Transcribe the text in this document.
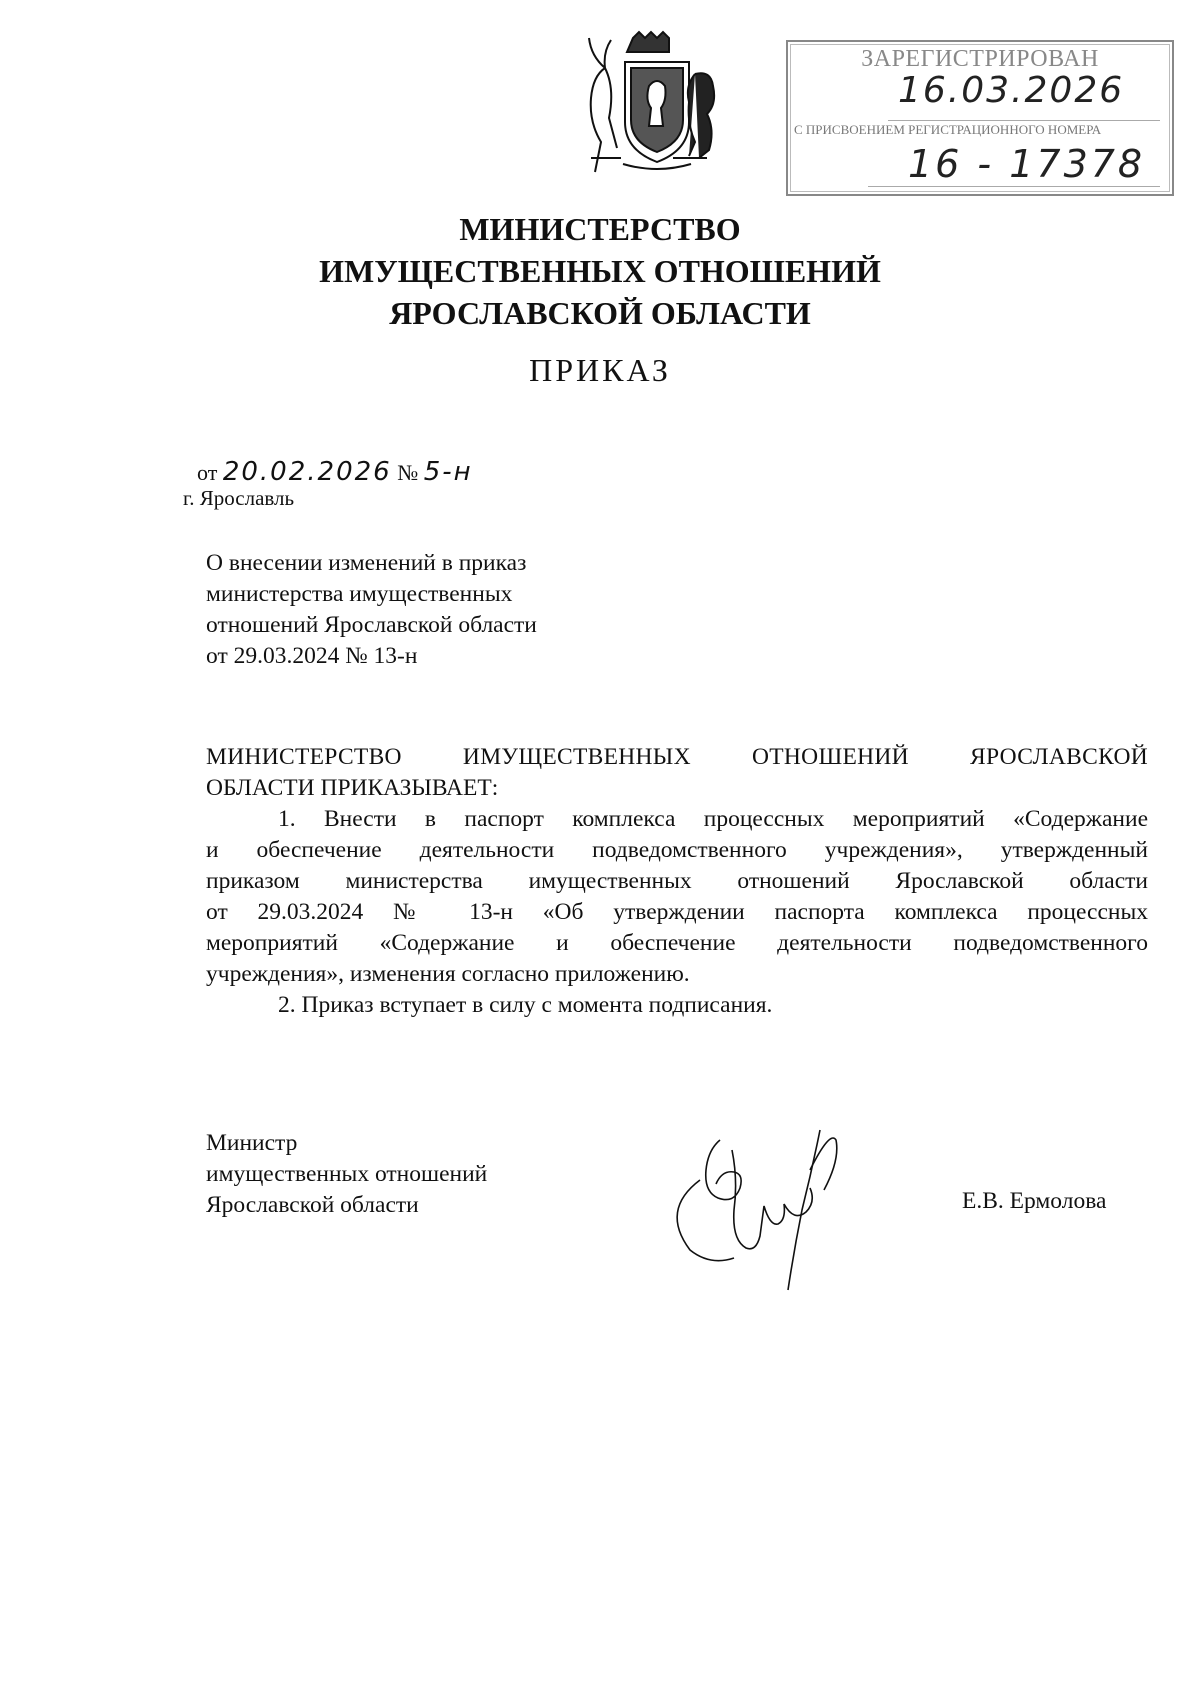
ЗАРЕГИСТРИРОВАН
16.03.2026
С ПРИСВОЕНИЕМ РЕГИСТРАЦИОННОГО НОМЕРА
16 - 17378
МИНИСТЕРСТВО
ИМУЩЕСТВЕННЫХ ОТНОШЕНИЙ
ЯРОСЛАВСКОЙ ОБЛАСТИ
ПРИКАЗ
от 20.02.2026 № 5-н
г. Ярославль
О внесении изменений в приказ
министерства имущественных
отношений Ярославской области
от 29.03.2024 № 13-н
МИНИСТЕРСТВО ИМУЩЕСТВЕННЫХ ОТНОШЕНИЙ ЯРОСЛАВСКОЙ
ОБЛАСТИ ПРИКАЗЫВАЕТ:
1. Внести в паспорт комплекса процессных мероприятий «Содержание
и обеспечение деятельности подведомственного учреждения», утвержденный
приказом министерства имущественных отношений Ярославской области
от 29.03.2024 № 13-н «Об утверждении паспорта комплекса процессных
мероприятий «Содержание и обеспечение деятельности подведомственного
учреждения», изменения согласно приложению.
2. Приказ вступает в силу с момента подписания.
Министр
имущественных отношений
Ярославской области	Е.В. Ермолова
